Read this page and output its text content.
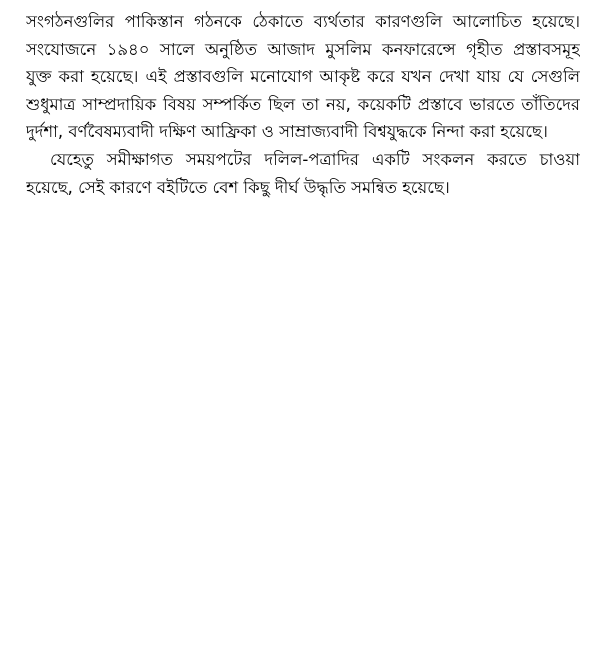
সংগঠনগুলির পাকিস্তান গঠনকে ঠেকাতে ব্যর্থতার কারণগুলি আলোচিত হয়েছে।
সংযোজনে ১৯৪০ সালে অনুষ্ঠিত আজাদ মুসলিম কনফারেন্সে গৃহীত প্রস্তাবসমূহ
যুক্ত করা হয়েছে। এই প্রস্তাবগুলি মনোযোগ আকৃষ্ট করে যখন দেখা যায় যে সেগুলি
শুধুমাত্র সাম্প্রদায়িক বিষয় সম্পর্কিত ছিল তা নয়, কয়েকটি প্রস্তাবে ভারতে তাঁতিদের
দুর্দশা, বর্ণবৈষম্যবাদী দক্ষিণ আফ্রিকা ও সাম্রাজ্যবাদী বিশ্বযুদ্ধকে নিন্দা করা হয়েছে।
যেহেতু সমীক্ষাগত সময়পটের দলিল-পত্রাদির একটি সংকলন করতে চাওয়া
হয়েছে, সেই কারণে বইটিতে বেশ কিছু দীর্ঘ উদ্ধৃতি সমন্বিত হয়েছে।
